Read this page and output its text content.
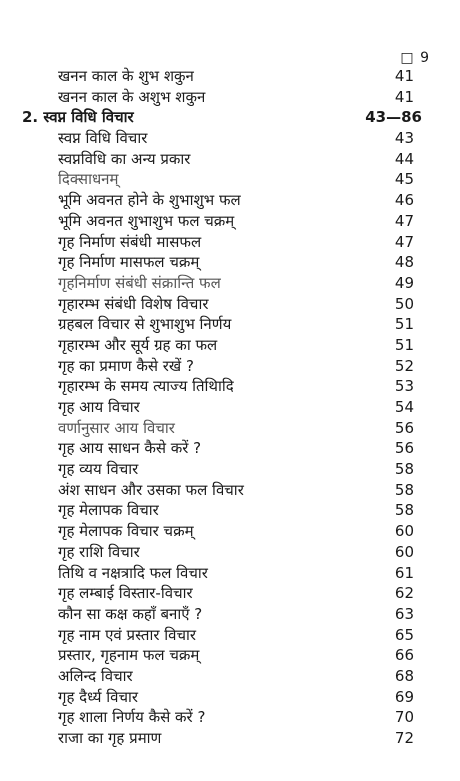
□ 9
खनन काल के शुभ शकुन	41
खनन काल के अशुभ शकुन	41
2. स्वप्न विधि विचार	43—86
स्वप्न विधि विचार	43
स्वप्नविधि का अन्य प्रकार	44
दिक्साधनम्	45
भूमि अवनत होने के शुभाशुभ फल	46
भूमि अवनत शुभाशुभ फल चक्रम्	47
गृह निर्माण संबंधी मासफल	47
गृह निर्माण मासफल चक्रम्	48
गृहनिर्माण संबंधी संक्रान्ति फल	49
गृहारम्भ संबंधी विशेष विचार	50
ग्रहबल विचार से शुभाशुभ निर्णय	51
गृहारम्भ और सूर्य ग्रह का फल	51
गृह का प्रमाण कैसे रखें ?	52
गृहारम्भ के समय त्याज्य तिथिादि	53
गृह आय विचार	54
वर्णानुसार आय विचार	56
गृह आय साधन कैसे करें ?	56
गृह व्यय विचार	58
अंश साधन और उसका फल विचार	58
गृह मेलापक विचार	58
गृह मेलापक विचार चक्रम्	60
गृह राशि विचार	60
तिथि व नक्षत्रादि फल विचार	61
गृह लम्बाई विस्तार-विचार	62
कौन सा कक्ष कहाँ बनाएँ ?	63
गृह नाम एवं प्रस्तार विचार	65
प्रस्तार, गृहनाम फल चक्रम्	66
अलिन्द विचार	68
गृह दैर्ध्य विचार	69
गृह शाला निर्णय कैसे करें ?	70
राजा का गृह प्रमाण	72
